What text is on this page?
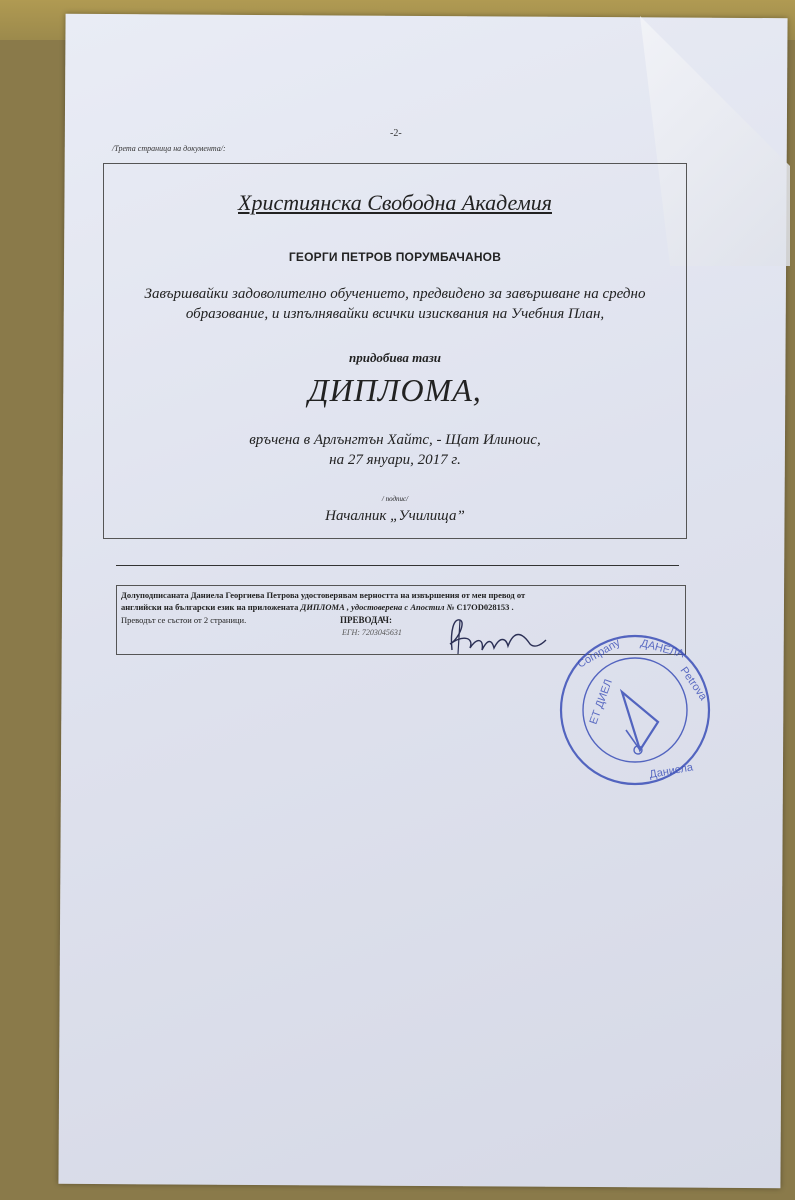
-2-
/Трета страница на документа/:
Християнска Свободна Академия
ГЕОРГИ ПЕТРОВ ПОРУМБАЧАНОВ
Завършвайки задоволително обучението, предвидено за завършване на средно
образование, и изпълнявайки всички изисквания на Учебния План,
придобива тази
ДИПЛОМА,
връчена в Арлънгтън Хайтс, - Щат Илиноис,
на 27 януари, 2017 г.
/ подпис/
Началник „Училища”
Долуподписаната Даниела Георгиева Петрова удостоверявам верността на извършения от мен превод от
английски на български език на приложената ДИПЛОМА , удостоверена с Апостил № C17OD028153 .
Преводът се състои от 2 страници.	ПРЕВОДАЧ:
ЕГН: 7203045631
Company ДАНЕЛА
Petrova
ЕТ ДИЕЛ
Даниела
